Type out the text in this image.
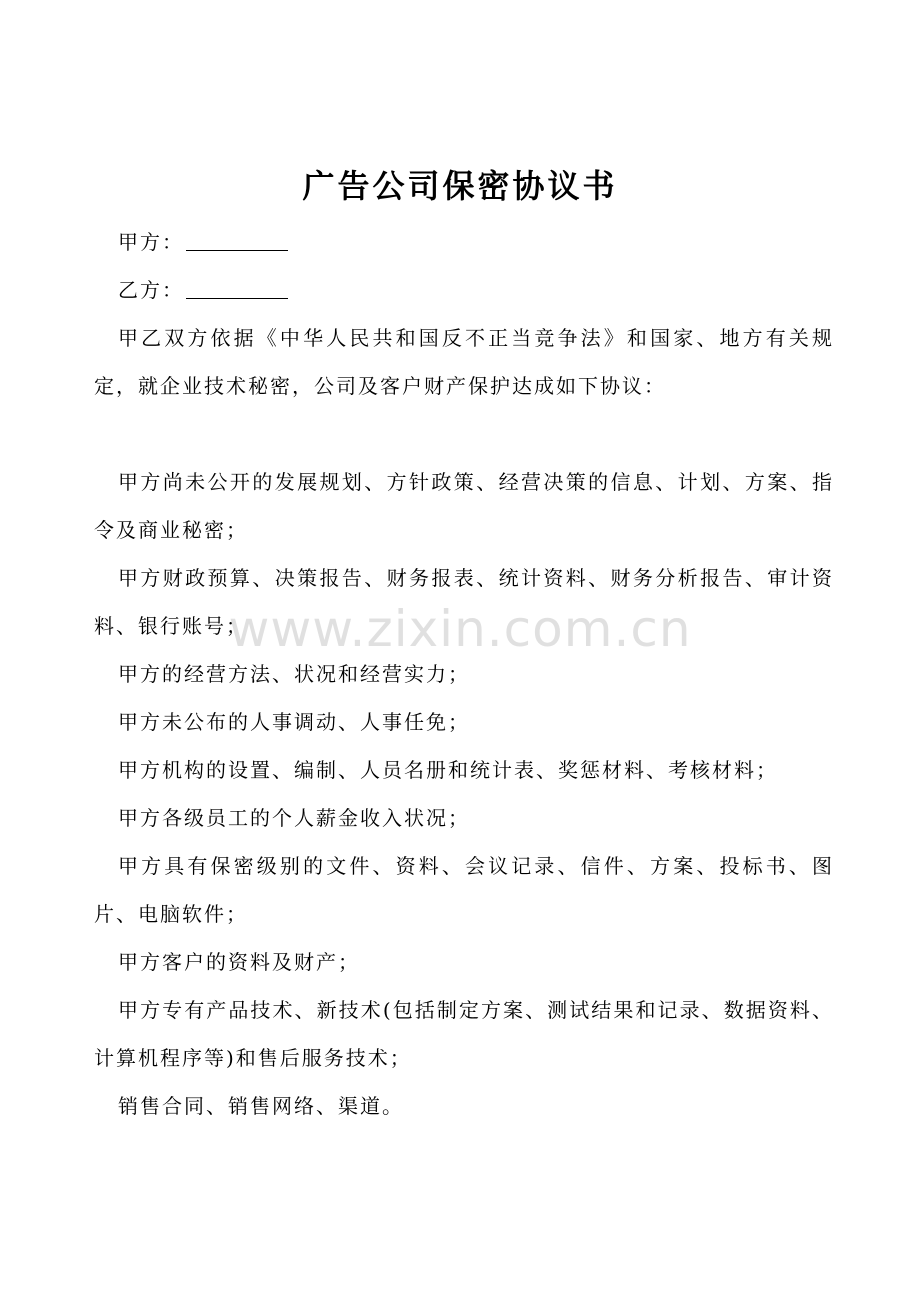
广告公司保密协议书

甲方：

乙方：

甲乙双方依据《中华人民共和国反不正当竞争法》和国家、地方有关规定，就企业技术秘密，公司及客户财产保护达成如下协议：

甲方尚未公开的发展规划、方针政策、经营决策的信息、计划、方案、指令及商业秘密；

甲方财政预算、决策报告、财务报表、统计资料、财务分析报告、审计资料、银行账号；

甲方的经营方法、状况和经营实力；

甲方未公布的人事调动、人事任免；

甲方机构的设置、编制、人员名册和统计表、奖惩材料、考核材料；

甲方各级员工的个人薪金收入状况；

甲方具有保密级别的文件、资料、会议记录、信件、方案、投标书、图片、电脑软件；

甲方客户的资料及财产；

甲方专有产品技术、新技术(包括制定方案、测试结果和记录、数据资料、计算机程序等)和售后服务技术；

销售合同、销售网络、渠道。

www.zixin.com.cn
